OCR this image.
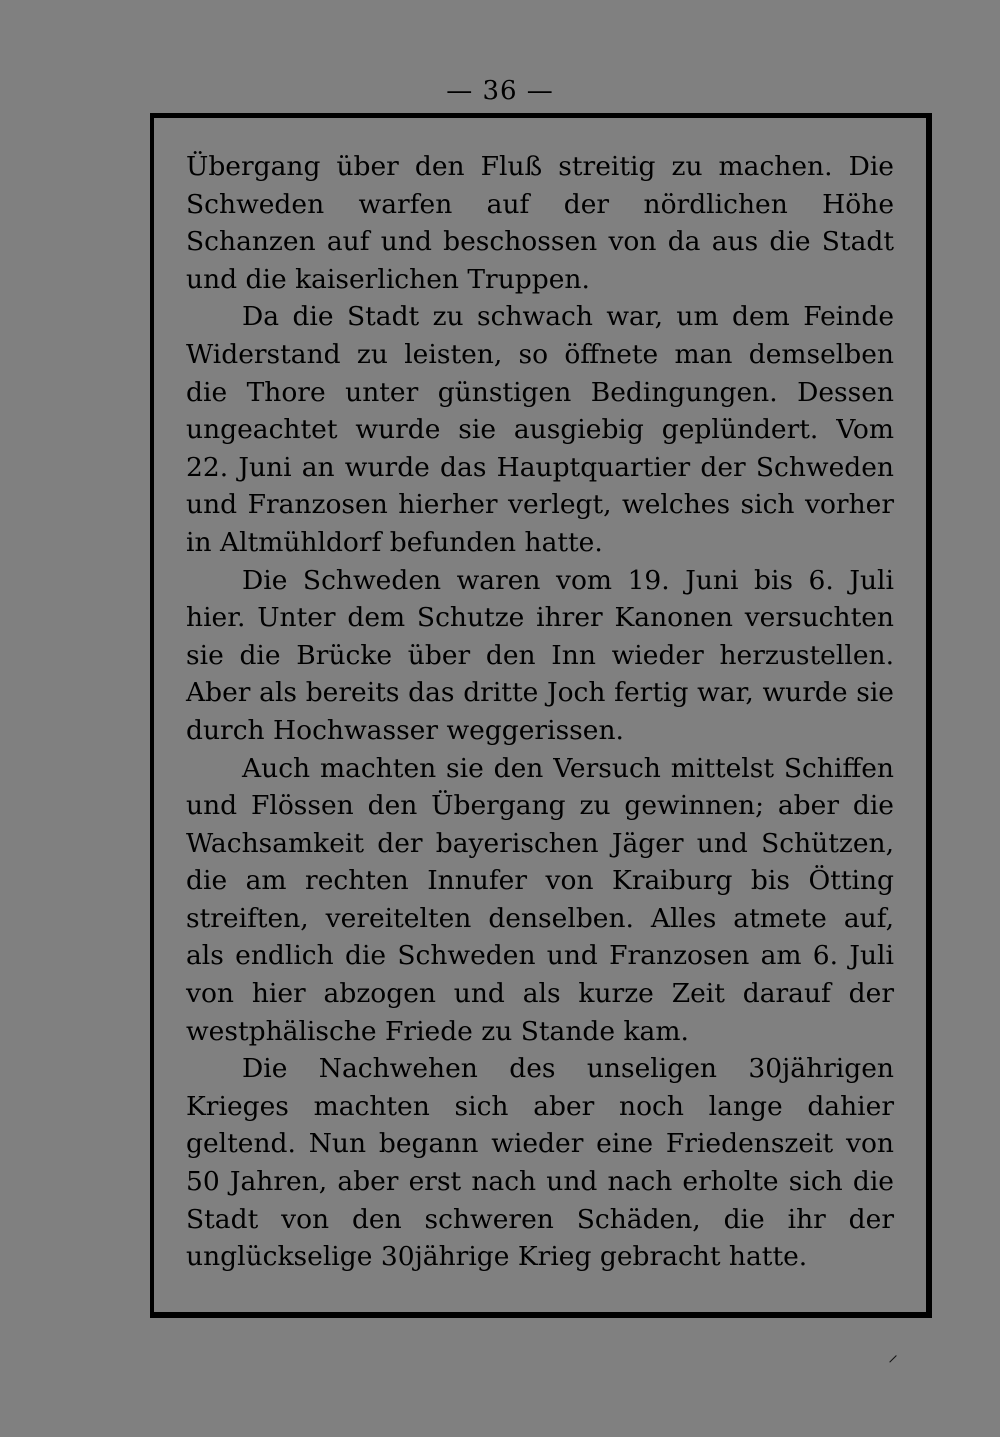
— 36 —

Übergang über den Fluß streitig zu machen. Die Schweden warfen auf der nördlichen Höhe Schanzen auf und beschossen von da aus die Stadt und die kaiserlichen Truppen.

Da die Stadt zu schwach war, um dem Feinde Widerstand zu leisten, so öffnete man demselben die Thore unter günstigen Bedingungen. Dessen ungeachtet wurde sie ausgiebig geplündert. Vom 22. Juni an wurde das Hauptquartier der Schweden und Franzosen hierher verlegt, welches sich vorher in Altmühldorf befunden hatte.

Die Schweden waren vom 19. Juni bis 6. Juli hier. Unter dem Schutze ihrer Kanonen versuchten sie die Brücke über den Inn wieder herzustellen. Aber als bereits das dritte Joch fertig war, wurde sie durch Hochwasser weggerissen.

Auch machten sie den Versuch mittelst Schiffen und Flössen den Übergang zu gewinnen; aber die Wachsamkeit der bayerischen Jäger und Schützen, die am rechten Innufer von Kraiburg bis Ötting streiften, vereitelten denselben. Alles atmete auf, als endlich die Schweden und Franzosen am 6. Juli von hier abzogen und als kurze Zeit darauf der westphälische Friede zu Stande kam.

Die Nachwehen des unseligen 30jährigen Krieges machten sich aber noch lange dahier geltend. Nun begann wieder eine Friedenszeit von 50 Jahren, aber erst nach und nach erholte sich die Stadt von den schweren Schäden, die ihr der unglückselige 30jährige Krieg gebracht hatte.

⸝
